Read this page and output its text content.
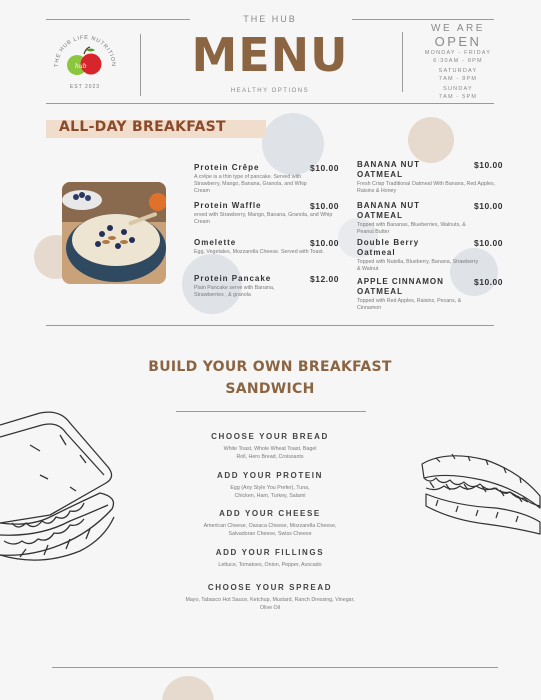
THE HUB LIFE NUTRITION
hub
EST 2023
THE HUB
MENU
HEALTHY OPTIONS
WE ARE
OPEN
MONDAY - FRIDAY
6:30AM - 8PM
SATURDAY
7AM - 8PM
SUNDAY
7AM - 5PM
ALL-DAY BREAKFAST
Protein Crêpe	$10.00
A crêpe is a thin type of pancake. Served with Strawberry, Mango, Banana, Granola, and Whip Cream
Protein Waffle	$10.00
erved with Strawberry, Mango, Banana, Granola, and Whip Cream
Omelette	$10.00
Egg, Vegetales, Mozzarella Cheese. Served with Toast.
Protein Pancake	$12.00
Plain Pancake serve with Banana, Strawberries , & granola
BANANA NUT OATMEAL
$10.00
Fresh Crisp Traditional Oatmeal With Banana, Red Apples, Raisins & Honey
BANANA NUT OATMEAL
$10.00
Topped with Bananas, Blueberries, Walnuts, & Peanut Butter
Double Berry Oatmeal
$10.00
Topped with Nutella, Blueberry, Banana, Strawberry & Walnut
APPLE CINNAMON OATMEAL
$10.00
Topped with Red Apples, Raisins, Pecans, & Cinnamon
BUILD YOUR OWN BREAKFAST
SANDWICH
CHOOSE YOUR BREAD
White Toast, Whole Wheat Toast, Bagel Roll, Hero Bread, Croissants
ADD YOUR PROTEIN
Egg (Any Style You Prefer), Tuna, Chicken, Ham, Turkey, Salami
ADD YOUR CHEESE
American Cheese, Oaxaca Cheese, Mozzarella Cheese, Salvadoran Cheese, Swiss Cheese
ADD YOUR FILLINGS
Lettuce, Tomatoes, Onion, Pepper, Avocado
CHOOSE YOUR SPREAD
Mayo, Tabasco Hot Sauce, Ketchup, Mustard, Ranch Dressing, Vinegar, Olive Oil
